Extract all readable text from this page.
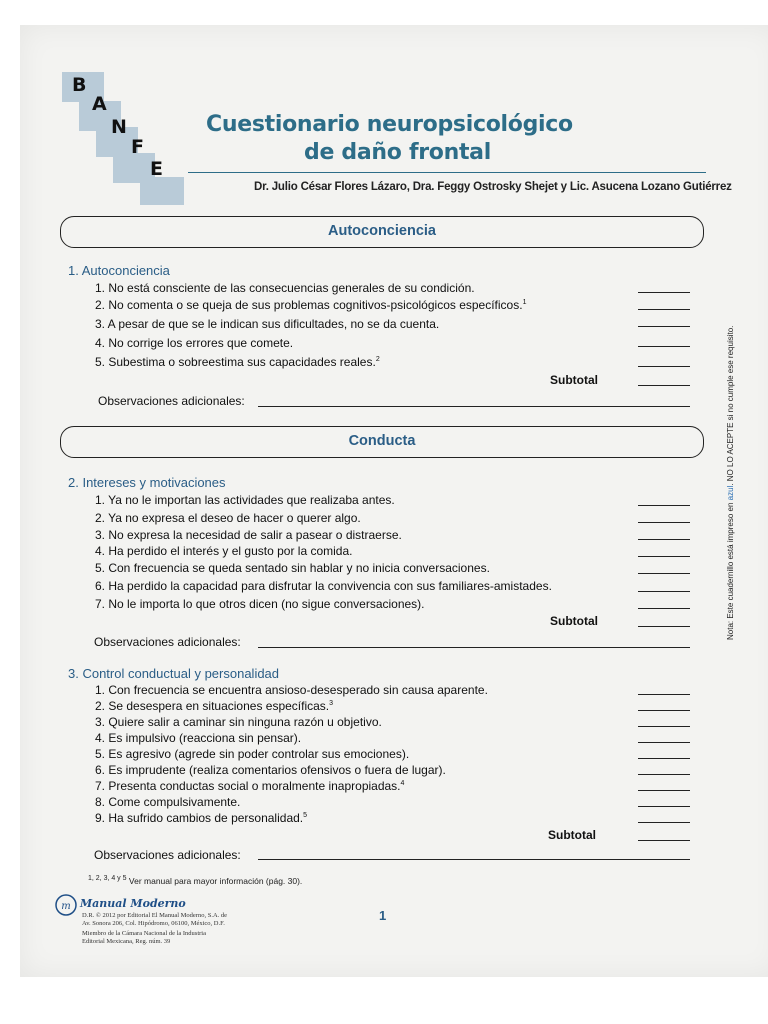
B
A
N
F
E
Cuestionario neuropsicológico
de daño frontal
Dr. Julio César Flores Lázaro, Dra. Feggy Ostrosky Shejet y Lic. Asucena Lozano Gutiérrez
Autoconciencia
1. Autoconciencia
1. No está consciente de las consecuencias generales de su condición.
2. No comenta o se queja de sus problemas cognitivos-psicológicos específicos.$^1$
3. A pesar de que se le indican sus dificultades, no se da cuenta.
4. No corrige los errores que comete.
5. Subestima o sobreestima sus capacidades reales.$^2$
Subtotal
Observaciones adicionales:
Conducta
2. Intereses y motivaciones
1. Ya no le importan las actividades que realizaba antes.
2. Ya no expresa el deseo de hacer o querer algo.
3. No expresa la necesidad de salir a pasear o distraerse.
4. Ha perdido el interés y el gusto por la comida.
5. Con frecuencia se queda sentado sin hablar y no inicia conversaciones.
6. Ha perdido la capacidad para disfrutar la convivencia con sus familiares-amistades.
7. No le importa lo que otros dicen (no sigue conversaciones).
Subtotal
Observaciones adicionales:
3. Control conductual y personalidad
1. Con frecuencia se encuentra ansioso-desesperado sin causa aparente.
2. Se desespera en situaciones específicas.$^3$
3. Quiere salir a caminar sin ninguna razón u objetivo.
4. Es impulsivo (reacciona sin pensar).
5. Es agresivo (agrede sin poder controlar sus emociones).
6. Es imprudente (realiza comentarios ofensivos o fuera de lugar).
7. Presenta conductas social o moralmente inapropiadas.$^4$
8. Come compulsivamente.
9. Ha sufrido cambios de personalidad.$^5$
Subtotal
Observaciones adicionales:
$^{1, 2, 3, 4 y 5}$ Ver manual para mayor información (pág. 30).
m Manual Moderno
D.R. © 2012 por Editorial El Manual Moderno, S.A. de
Av. Sonora 206, Col. Hipódromo, 06100, México, D.F.
Miembro de la Cámara Nacional de la Industria
Editorial Mexicana, Reg. núm. 39
1
Nota: Este cuadernillo está impreso en azul. NO LO ACEPTE si no cumple ese requisito.
